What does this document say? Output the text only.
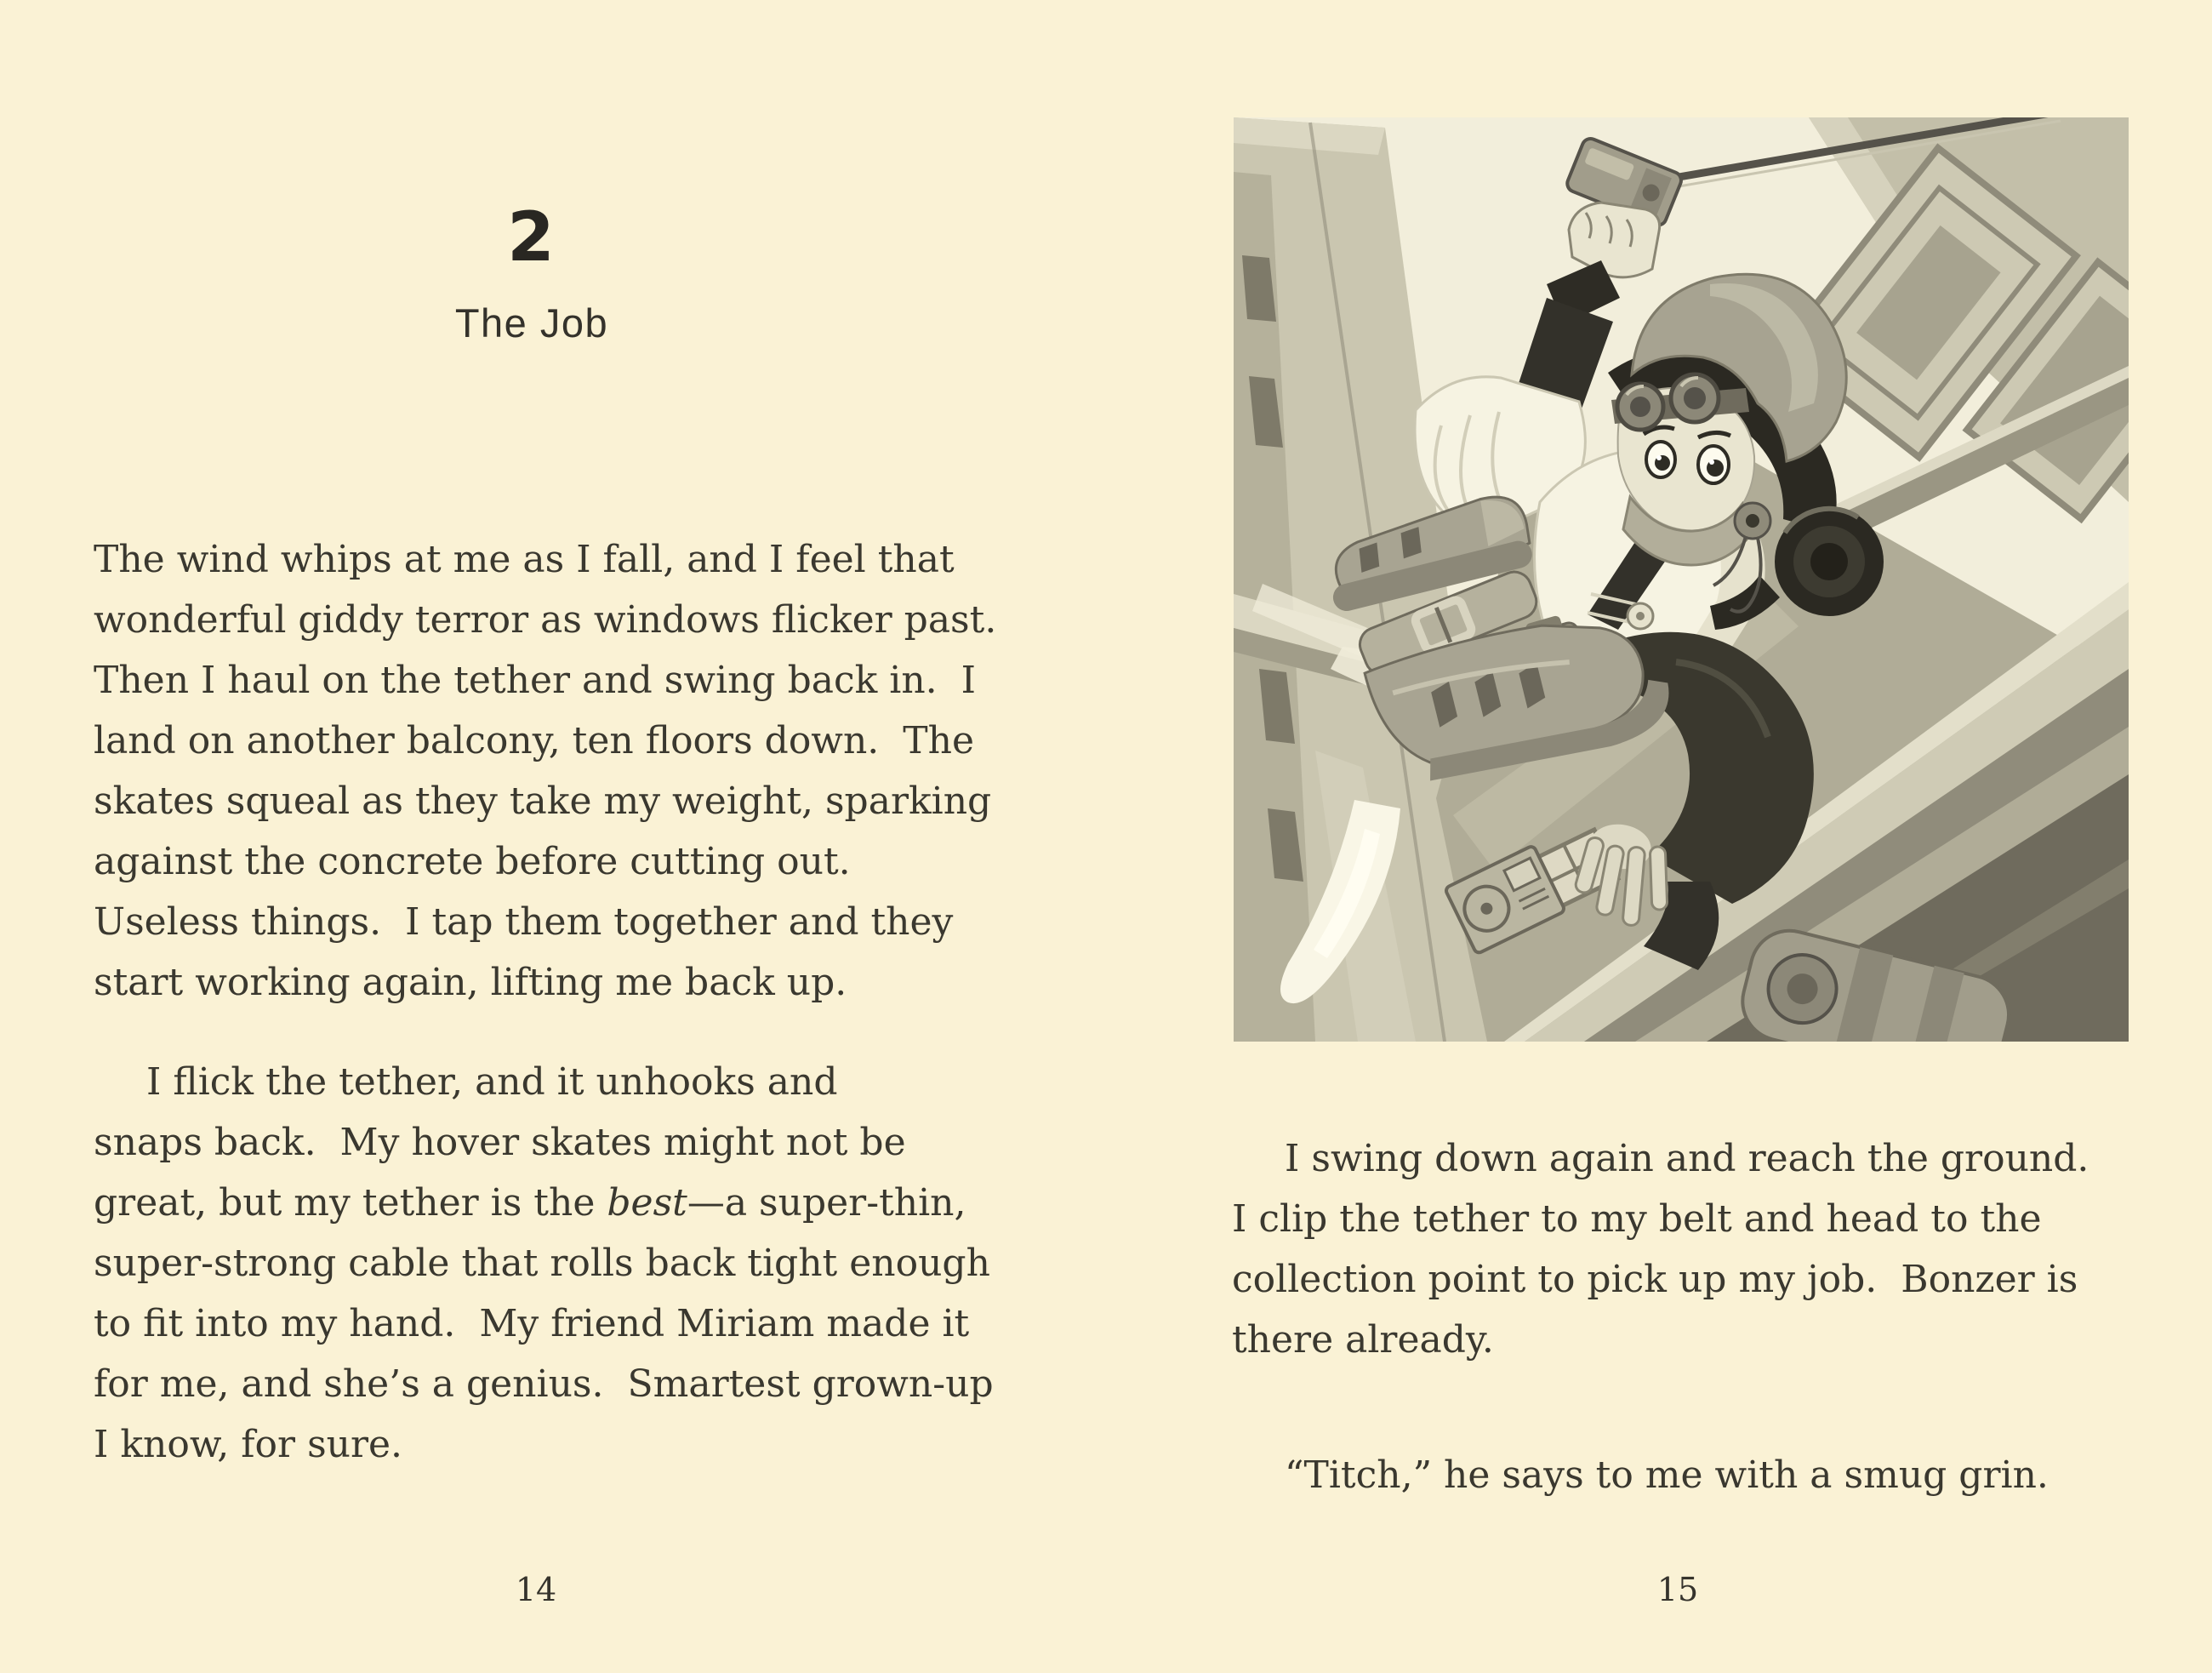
2
The Job
The wind whips at me as I fall, and I feel that
wonderful giddy terror as windows flicker past.
Then I haul on the tether and swing back in.  I
land on another balcony, ten floors down.  The
skates squeal as they take my weight, sparking
against the concrete before cutting out.
Useless things.  I tap them together and they
start working again, lifting me back up.
I flick the tether, and it unhooks and
snaps back.  My hover skates might not be
great, but my tether is the best—a super-thin,
super-strong cable that rolls back tight enough
to fit into my hand.  My friend Miriam made it
for me, and she’s a genius.  Smartest grown-up
I know, for sure.
14
I swing down again and reach the ground.
I clip the tether to my belt and head to the
collection point to pick up my job.  Bonzer is
there already.
“Titch,” he says to me with a smug grin.
15
